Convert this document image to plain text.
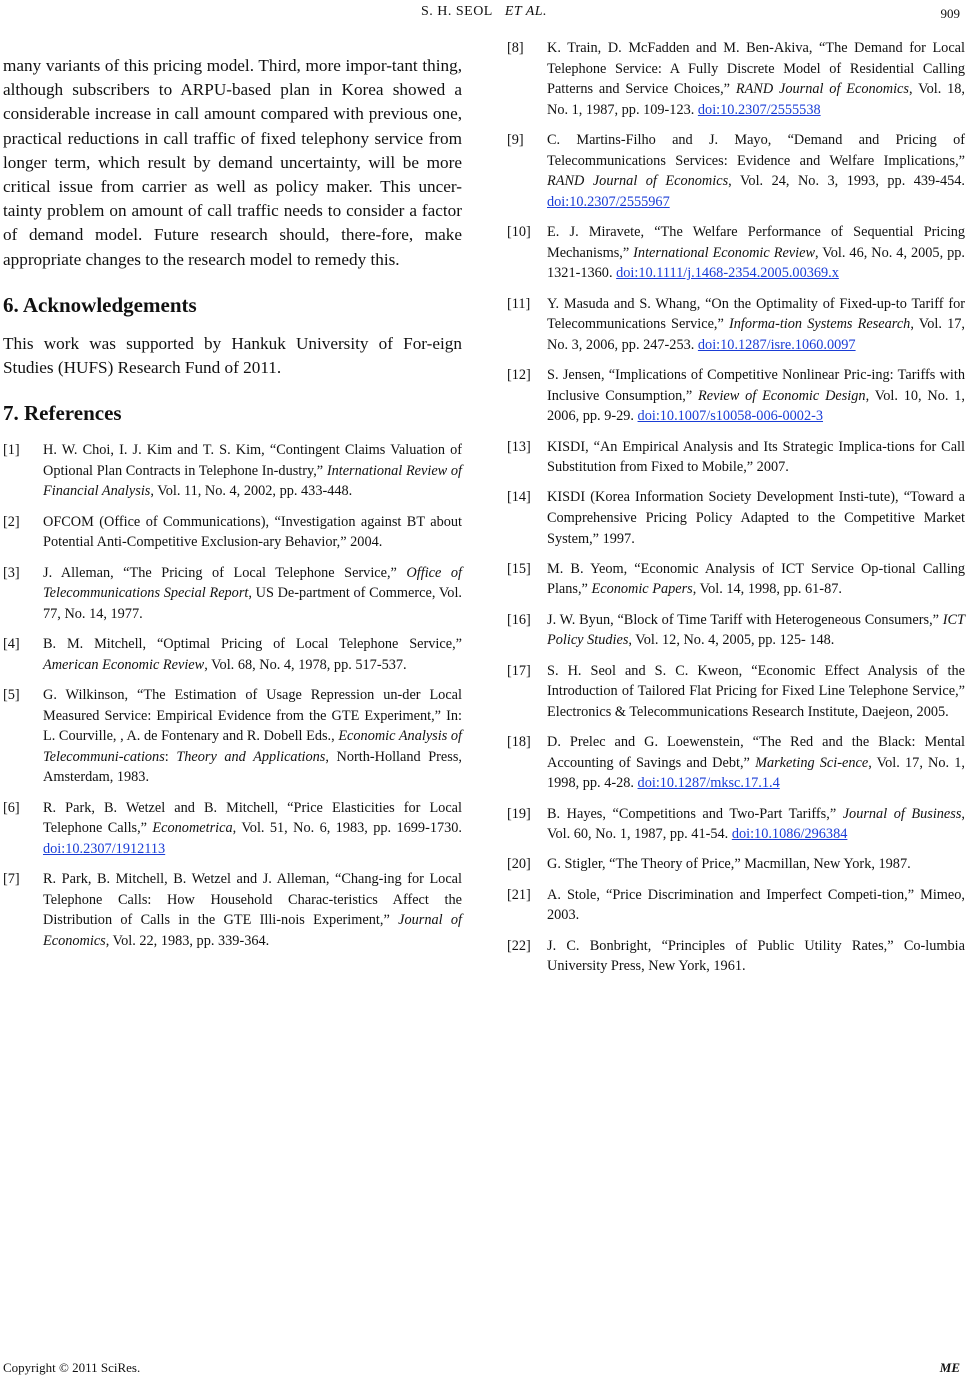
S. H. SEOL ET AL.	909

many variants of this pricing model. Third, more impor-tant thing, although subscribers to ARPU-based plan in Korea showed a considerable increase in call amount compared with previous one, practical reductions in call traffic of fixed telephony service from longer term, which result by demand uncertainty, will be more critical issue from carrier as well as policy maker. This uncer-tainty problem on amount of call traffic needs to consider a factor of demand model. Future research should, there-fore, make appropriate changes to the research model to remedy this.

6. Acknowledgements

This work was supported by Hankuk University of For-eign Studies (HUFS) Research Fund of 2011.

7. References
[1]	H. W. Choi, I. J. Kim and T. S. Kim, “Contingent Claims Valuation of Optional Plan Contracts in Telephone In-dustry,” International Review of Financial Analysis, Vol. 11, No. 4, 2002, pp. 433-448.
[2]	OFCOM (Office of Communications), “Investigation against BT about Potential Anti-Competitive Exclusion-ary Behavior,” 2004.
[3]	J. Alleman, “The Pricing of Local Telephone Service,” Office of Telecommunications Special Report, US De-partment of Commerce, Vol. 77, No. 14, 1977.
[4]	B. M. Mitchell, “Optimal Pricing of Local Telephone Service,” American Economic Review, Vol. 68, No. 4, 1978, pp. 517-537.
[5]	G. Wilkinson, “The Estimation of Usage Repression un-der Local Measured Service: Empirical Evidence from the GTE Experiment,” In: L. Courville, , A. de Fontenary and R. Dobell Eds., Economic Analysis of Telecommuni-cations: Theory and Applications, North-Holland Press, Amsterdam, 1983.
[6]	R. Park, B. Wetzel and B. Mitchell, “Price Elasticities for Local Telephone Calls,” Econometrica, Vol. 51, No. 6, 1983, pp. 1699-1730. doi:10.2307/1912113
[7]	R. Park, B. Mitchell, B. Wetzel and J. Alleman, “Chang-ing for Local Telephone Calls: How Household Charac-teristics Affect the Distribution of Calls in the GTE Illi-nois Experiment,” Journal of Economics, Vol. 22, 1983, pp. 339-364.
[8]	K. Train, D. McFadden and M. Ben-Akiva, “The Demand for Local Telephone Service: A Fully Discrete Model of Residential Calling Patterns and Service Choices,” RAND Journal of Economics, Vol. 18, No. 1, 1987, pp. 109-123. doi:10.2307/2555538
[9]	C. Martins-Filho and J. Mayo, “Demand and Pricing of Telecommunications Services: Evidence and Welfare Implications,” RAND Journal of Economics, Vol. 24, No. 3, 1993, pp. 439-454. doi:10.2307/2555967
[10]	E. J. Miravete, “The Welfare Performance of Sequential Pricing Mechanisms,” International Economic Review, Vol. 46, No. 4, 2005, pp. 1321-1360. doi:10.1111/j.1468-2354.2005.00369.x
[11]	Y. Masuda and S. Whang, “On the Optimality of Fixed-up-to Tariff for Telecommunications Service,” Informa-tion Systems Research, Vol. 17, No. 3, 2006, pp. 247-253. doi:10.1287/isre.1060.0097
[12]	S. Jensen, “Implications of Competitive Nonlinear Pric-ing: Tariffs with Inclusive Consumption,” Review of Economic Design, Vol. 10, No. 1, 2006, pp. 9-29. doi:10.1007/s10058-006-0002-3
[13]	KISDI, “An Empirical Analysis and Its Strategic Implica-tions for Call Substitution from Fixed to Mobile,” 2007.
[14]	KISDI (Korea Information Society Development Insti-tute), “Toward a Comprehensive Pricing Policy Adapted to the Competitive Market System,” 1997.
[15]	M. B. Yeom, “Economic Analysis of ICT Service Op-tional Calling Plans,” Economic Papers, Vol. 14, 1998, pp. 61-87.
[16]	J. W. Byun, “Block of Time Tariff with Heterogeneous Consumers,” ICT Policy Studies, Vol. 12, No. 4, 2005, pp. 125- 148.
[17]	S. H. Seol and S. C. Kweon, “Economic Effect Analysis of the Introduction of Tailored Flat Pricing for Fixed Line Telephone Service,” Electronics & Telecommunications Research Institute, Daejeon, 2005.
[18]	D. Prelec and G. Loewenstein, “The Red and the Black: Mental Accounting of Savings and Debt,” Marketing Sci-ence, Vol. 17, No. 1, 1998, pp. 4-28. doi:10.1287/mksc.17.1.4
[19]	B. Hayes, “Competitions and Two-Part Tariffs,” Journal of Business, Vol. 60, No. 1, 1987, pp. 41-54. doi:10.1086/296384
[20]	G. Stigler, “The Theory of Price,” Macmillan, New York, 1987.
[21]	A. Stole, “Price Discrimination and Imperfect Competi-tion,” Mimeo, 2003.
[22]	J. C. Bonbright, “Principles of Public Utility Rates,” Co-lumbia University Press, New York, 1961.
Copyright © 2011 SciRes.	ME
